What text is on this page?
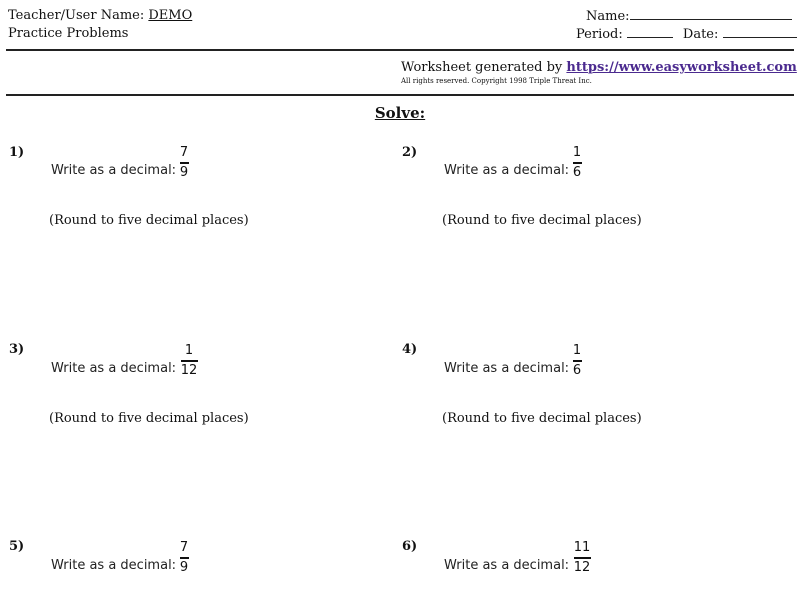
Teacher/User Name: DEMO
Practice Problems
Name:
Period:	Date:
Worksheet generated by https://www.easyworksheet.com
All rights reserved. Copyright 1998 Triple Threat Inc.
Solve:
1)
Write as a decimal:
7
9
(Round to five decimal places)
2)
Write as a decimal:
1
6
(Round to five decimal places)
3)
Write as a decimal:
1
12
(Round to five decimal places)
4)
Write as a decimal:
1
6
(Round to five decimal places)
5)
Write as a decimal:
7
9
6)
Write as a decimal:
11
12
